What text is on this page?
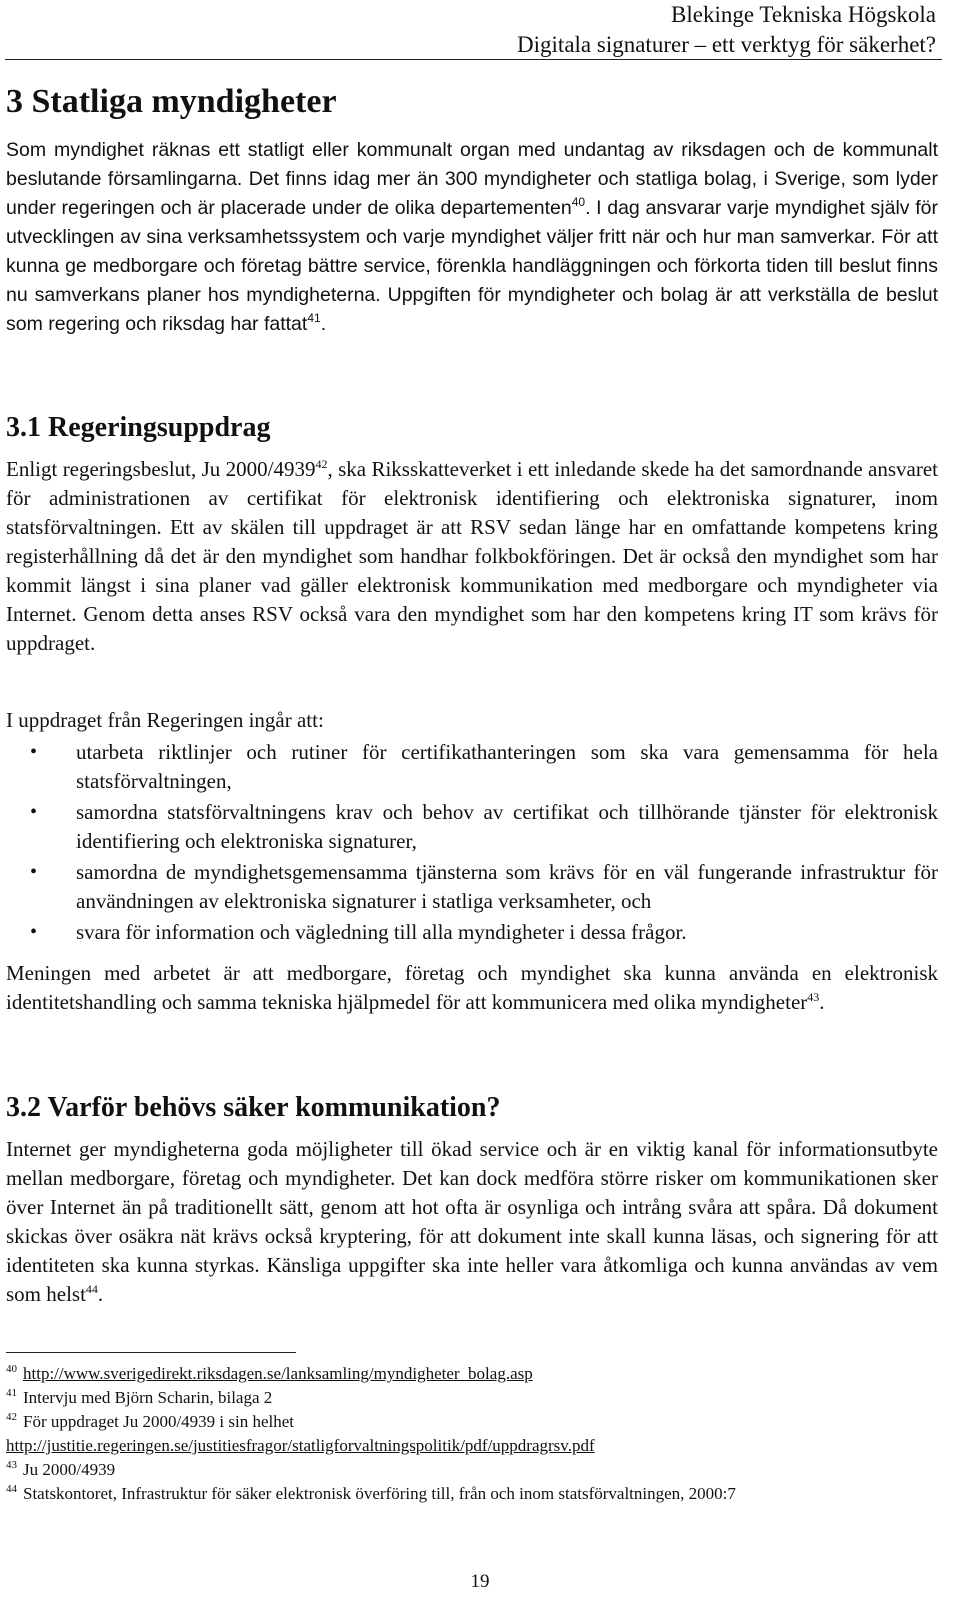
Blekinge Tekniska Högskola
Digitala signaturer – ett verktyg för säkerhet?
3 Statliga myndigheter

Som myndighet räknas ett statligt eller kommunalt organ med undantag av riksdagen och de kommunalt beslutande församlingarna. Det finns idag mer än 300 myndigheter och statliga bolag, i Sverige, som lyder under regeringen och är placerade under de olika departementen$^{40}$. I dag ansvarar varje myndighet själv för utvecklingen av sina verksamhetssystem och varje myndighet väljer fritt när och hur man samverkar. För att kunna ge medborgare och företag bättre service, förenkla handläggningen och förkorta tiden till beslut finns nu samverkans planer hos myndigheterna. Uppgiften för myndigheter och bolag är att verkställa de beslut som regering och riksdag har fattat$^{41}$.

3.1 Regeringsuppdrag

Enligt regeringsbeslut, Ju 2000/4939$^{42}$, ska Riksskatteverket i ett inledande skede ha det samordnande ansvaret för administrationen av certifikat för elektronisk identifiering och elektroniska signaturer, inom statsförvaltningen. Ett av skälen till uppdraget är att RSV sedan länge har en omfattande kompetens kring registerhållning då det är den myndighet som handhar folkbokföringen. Det är också den myndighet som har kommit längst i sina planer vad gäller elektronisk kommunikation med medborgare och myndigheter via Internet. Genom detta anses RSV också vara den myndighet som har den kompetens kring IT som krävs för uppdraget.

I uppdraget från Regeringen ingår att:

• utarbeta riktlinjer och rutiner för certifikathanteringen som ska vara gemensamma för hela statsförvaltningen,
• samordna statsförvaltningens krav och behov av certifikat och tillhörande tjänster för elektronisk identifiering och elektroniska signaturer,
• samordna de myndighetsgemensamma tjänsterna som krävs för en väl fungerande infrastruktur för användningen av elektroniska signaturer i statliga verksamheter, och
• svara för information och vägledning till alla myndigheter i dessa frågor.

Meningen med arbetet är att medborgare, företag och myndighet ska kunna använda en elektronisk identitetshandling och samma tekniska hjälpmedel för att kommunicera med olika myndigheter$^{43}$.

3.2 Varför behövs säker kommunikation?

Internet ger myndigheterna goda möjligheter till ökad service och är en viktig kanal för informationsutbyte mellan medborgare, företag och myndigheter. Det kan dock medföra större risker om kommunikationen sker över Internet än på traditionellt sätt, genom att hot ofta är osynliga och intrång svåra att spåra. Då dokument skickas över osäkra nät krävs också kryptering, för att dokument inte skall kunna läsas, och signering för att identiteten ska kunna styrkas. Känsliga uppgifter ska inte heller vara åtkomliga och kunna användas av vem som helst$^{44}$.

$^{40}$ http://www.sverigedirekt.riksdagen.se/lanksamling/myndigheter_bolag.asp
$^{41}$ Intervju med Björn Scharin, bilaga 2
$^{42}$ För uppdraget Ju 2000/4939 i sin helhet
http://justitie.regeringen.se/justitiesfragor/statligforvaltningspolitik/pdf/uppdragrsv.pdf
$^{43}$ Ju 2000/4939
$^{44}$ Statskontoret, Infrastruktur för säker elektronisk överföring till, från och inom statsförvaltningen, 2000:7
19
